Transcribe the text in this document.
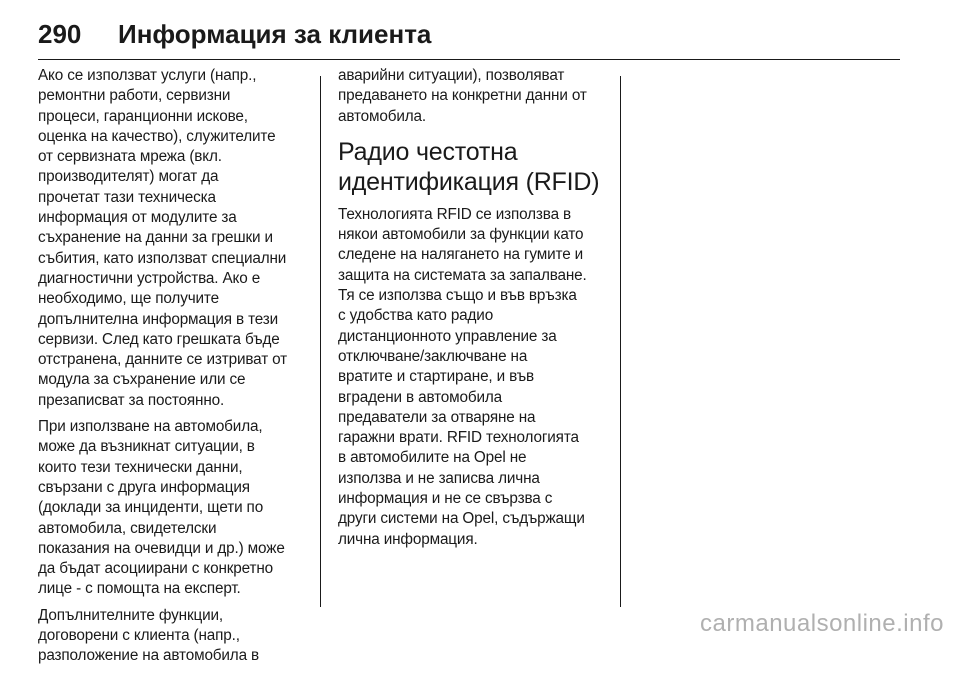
290	Информация за клиента
Ако се използват услуги (напр.,
ремонтни работи, сервизни
процеси, гаранционни искове,
оценка на качество), служителите
от сервизната мрежа (вкл.
производителят) могат да
прочетат тази техническа
информация от модулите за
съхранение на данни за грешки и
събития, като използват специални
диагностични устройства. Ако е
необходимо, ще получите
допълнителна информация в тези
сервизи. След като грешката бъде
отстранена, данните се изтриват от
модула за съхранение или се
презаписват за постоянно.
При използване на автомобила,
може да възникнат ситуации, в
които тези технически данни,
свързани с друга информация
(доклади за инциденти, щети по
автомобила, свидетелски
показания на очевидци и др.) може
да бъдат асоциирани с конкретно
лице - с помощта на експерт.
Допълнителните функции,
договорени с клиента (напр.,
разположение на автомобила в
аварийни ситуации), позволяват
предаването на конкретни данни от
автомобила.
Радио честотна
идентификация (RFID)
Технологията RFID се използва в
някои автомобили за функции като
следене на налягането на гумите и
защита на системата за запалване.
Тя се използва също и във връзка
с удобства като радио
дистанционното управление за
отключване/заключване на
вратите и стартиране, и във
вградени в автомобила
предаватели за отваряне на
гаражни врати. RFID технологията
в автомобилите на Opel не
използва и не записва лична
информация и не се свързва с
други системи на Opel, съдържащи
лична информация.
carmanualsonline.info
